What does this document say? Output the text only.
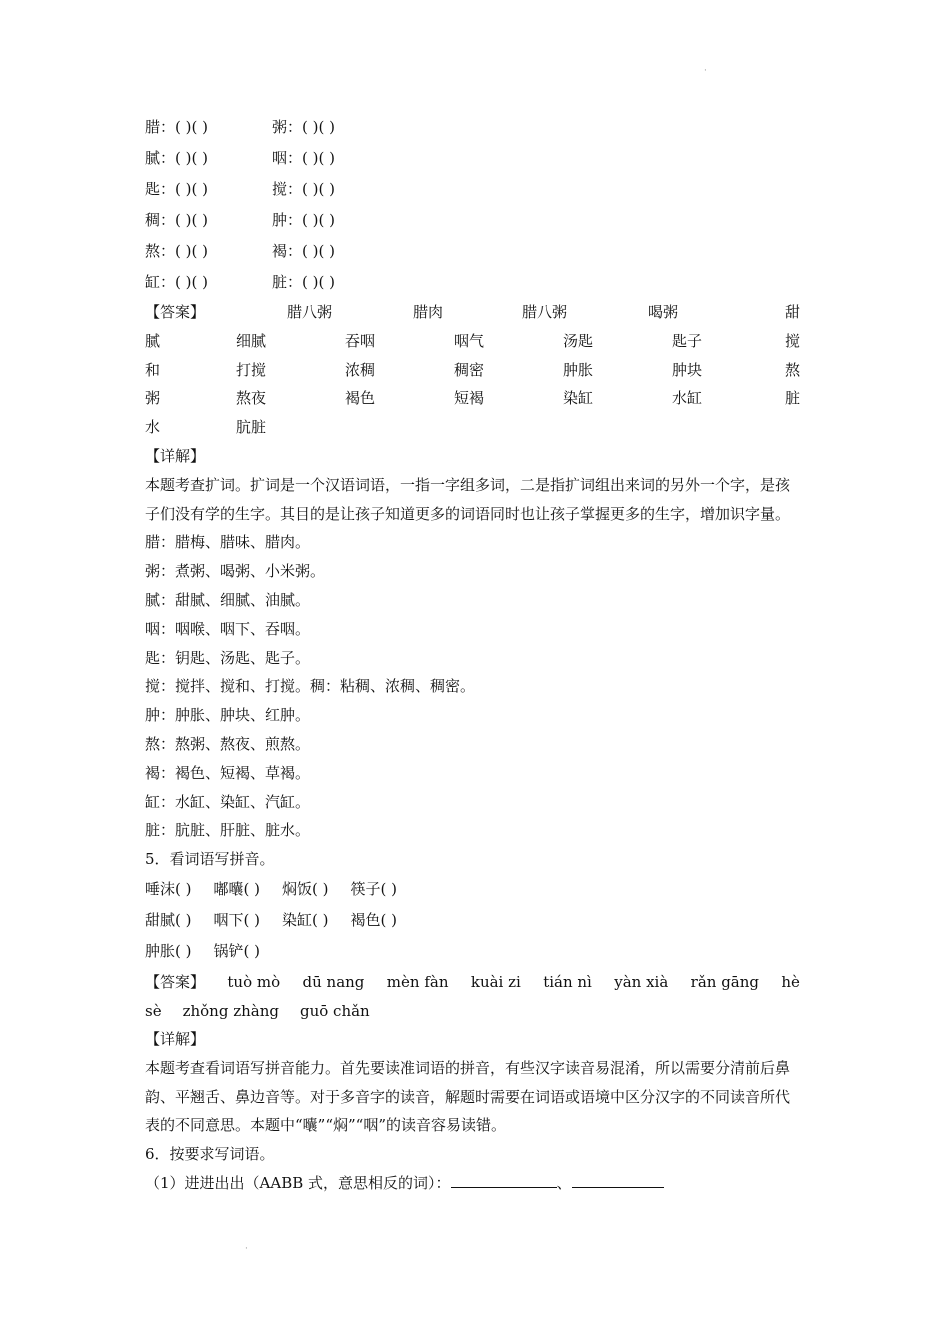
·
腊：( )( )	粥：( )( )
腻：( )( )	咽：( )( )
匙：( )( )	搅：( )( )
稠：( )( )	肿：( )( )
熬：( )( )	褐：( )( )
缸：( )( )	脏：( )( )
【答案】	腊八粥	腊肉	腊八粥	喝粥	甜
腻	细腻	吞咽	咽气	汤匙	匙子	搅
和	打搅	浓稠	稠密	肿胀	肿块	熬
粥	熬夜	褐色	短褐	染缸	水缸	脏
水	肮脏
【详解】
本题考查扩词。扩词是一个汉语词语，一指一字组多词，二是指扩词组出来词的另外一个字，是孩子们没有学的生字。其目的是让孩子知道更多的词语同时也让孩子掌握更多的生字，增加识字量。
腊：腊梅、腊味、腊肉。
粥：煮粥、喝粥、小米粥。
腻：甜腻、细腻、油腻。
咽：咽喉、咽下、吞咽。
匙：钥匙、汤匙、匙子。
搅：搅拌、搅和、打搅。稠：粘稠、浓稠、稠密。
肿：肿胀、肿块、红肿。
熬：熬粥、熬夜、煎熬。
褐：褐色、短褐、草褐。
缸：水缸、染缸、汽缸。
脏：肮脏、肝脏、脏水。
5．看词语写拼音。
唾沫( ) 嘟囔( ) 焖饭( ) 筷子( )
甜腻( ) 咽下( ) 染缸( ) 褐色( )
肿胀( ) 锅铲( )
【答案】 tuò mò dū nang mèn fàn kuài zi tián nì yàn xià rǎn gāng hè
sè zhǒng zhàng guō chǎn
【详解】
本题考查看词语写拼音能力。首先要读准词语的拼音，有些汉字读音易混淆，所以需要分清前后鼻韵、平翘舌、鼻边音等。对于多音字的读音，解题时需要在词语或语境中区分汉字的不同读音所代表的不同意思。本题中“囔”“焖”“咽”的读音容易读错。
6．按要求写词语。
（1）进进出出（AABB 式，意思相反的词）：	、
·
